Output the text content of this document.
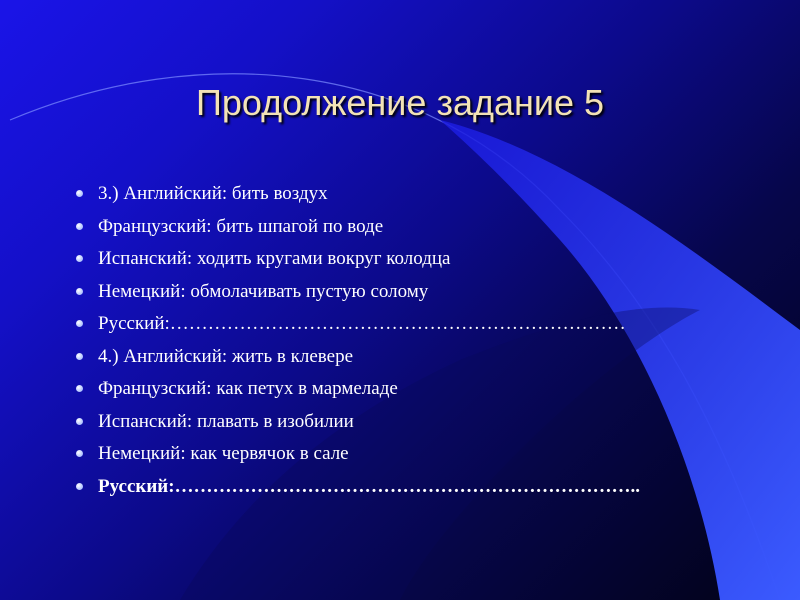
Продолжение задание 5
3.) Английский: бить воздух
Французский: бить шпагой по воде
Испанский: ходить кругами вокруг колодца
Немецкий: обмолачивать пустую солому
Русский:………………………………………………………………
4.) Английский: жить в клевере
Французский: как петух в мармеладе
Испанский: плавать в изобилии
Немецкий: как червячок в сале
Русский:………………………………………………………………..
